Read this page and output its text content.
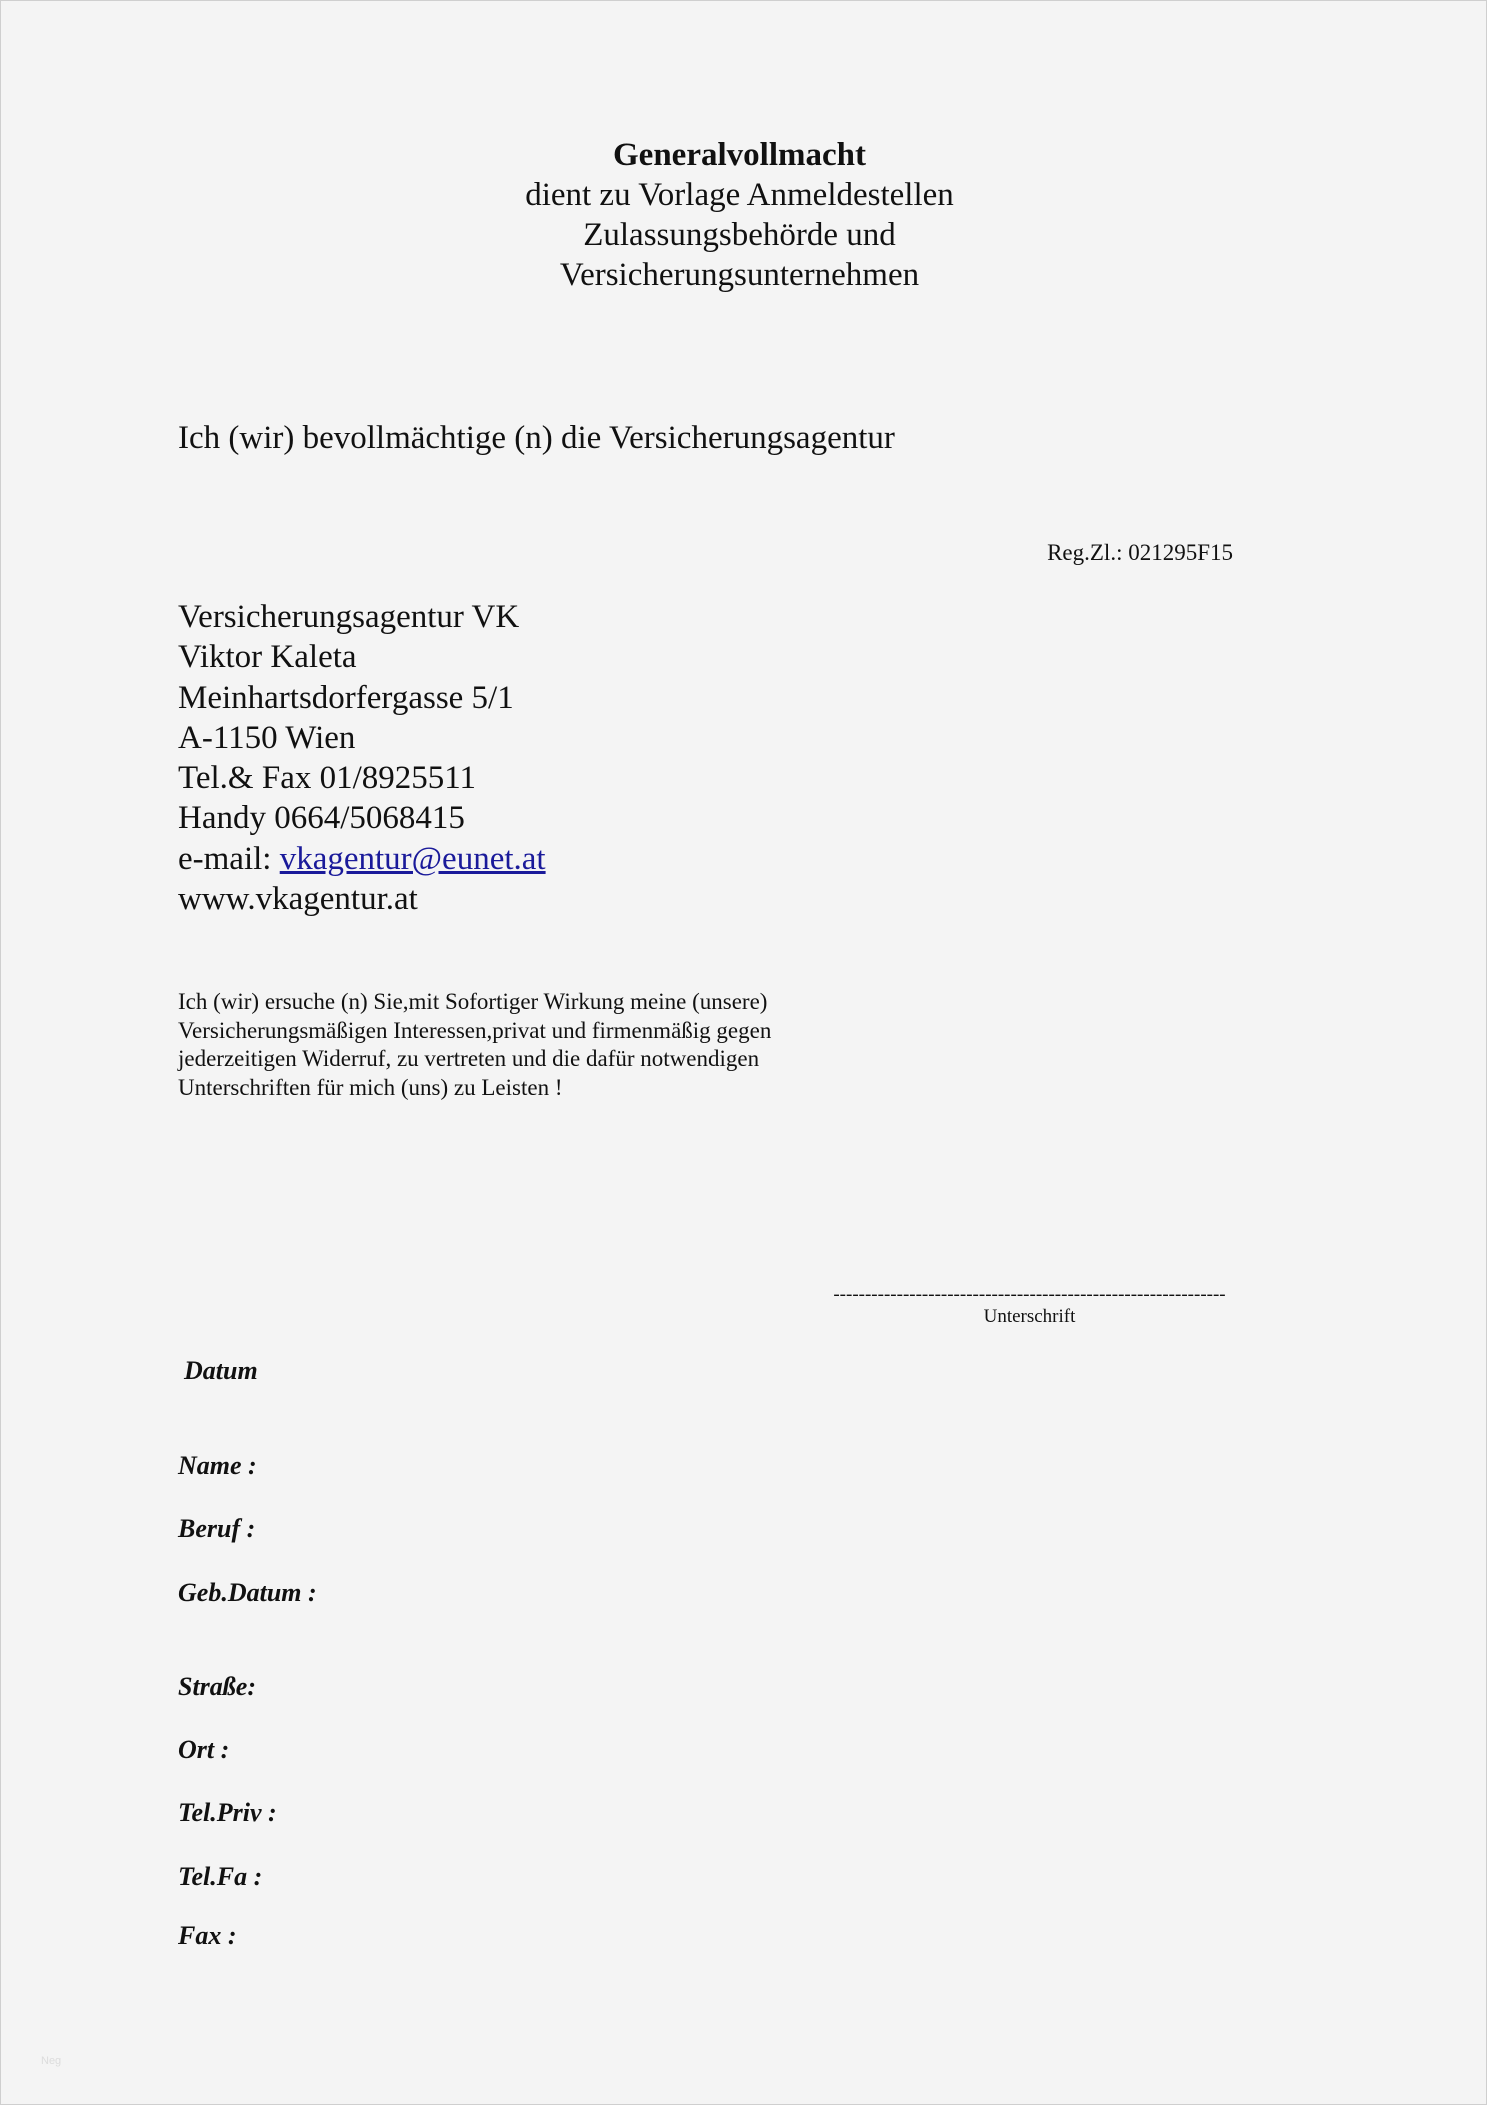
Generalvollmacht
dient zu Vorlage Anmeldestellen
Zulassungsbehörde und
Versicherungsunternehmen
Ich (wir) bevollmächtige (n) die Versicherungsagentur
Reg.Zl.: 021295F15
Versicherungsagentur VK
Viktor Kaleta
Meinhartsdorfergasse 5/1
A-1150 Wien
Tel.& Fax 01/8925511
Handy 0664/5068415
e-mail: vkagentur@eunet.at
www.vkagentur.at
Ich (wir) ersuche (n) Sie,mit Sofortiger Wirkung meine (unsere)
Versicherungsmäßigen Interessen,privat und firmenmäßig gegen
jederzeitigen Widerruf, zu vertreten und die dafür notwendigen
Unterschriften für mich (uns) zu Leisten !
--------------------------------------------------------------
Unterschrift
Datum
Name :
Beruf :
Geb.Datum :
Straße:
Ort :
Tel.Priv :
Tel.Fa :
Fax :
Neg
